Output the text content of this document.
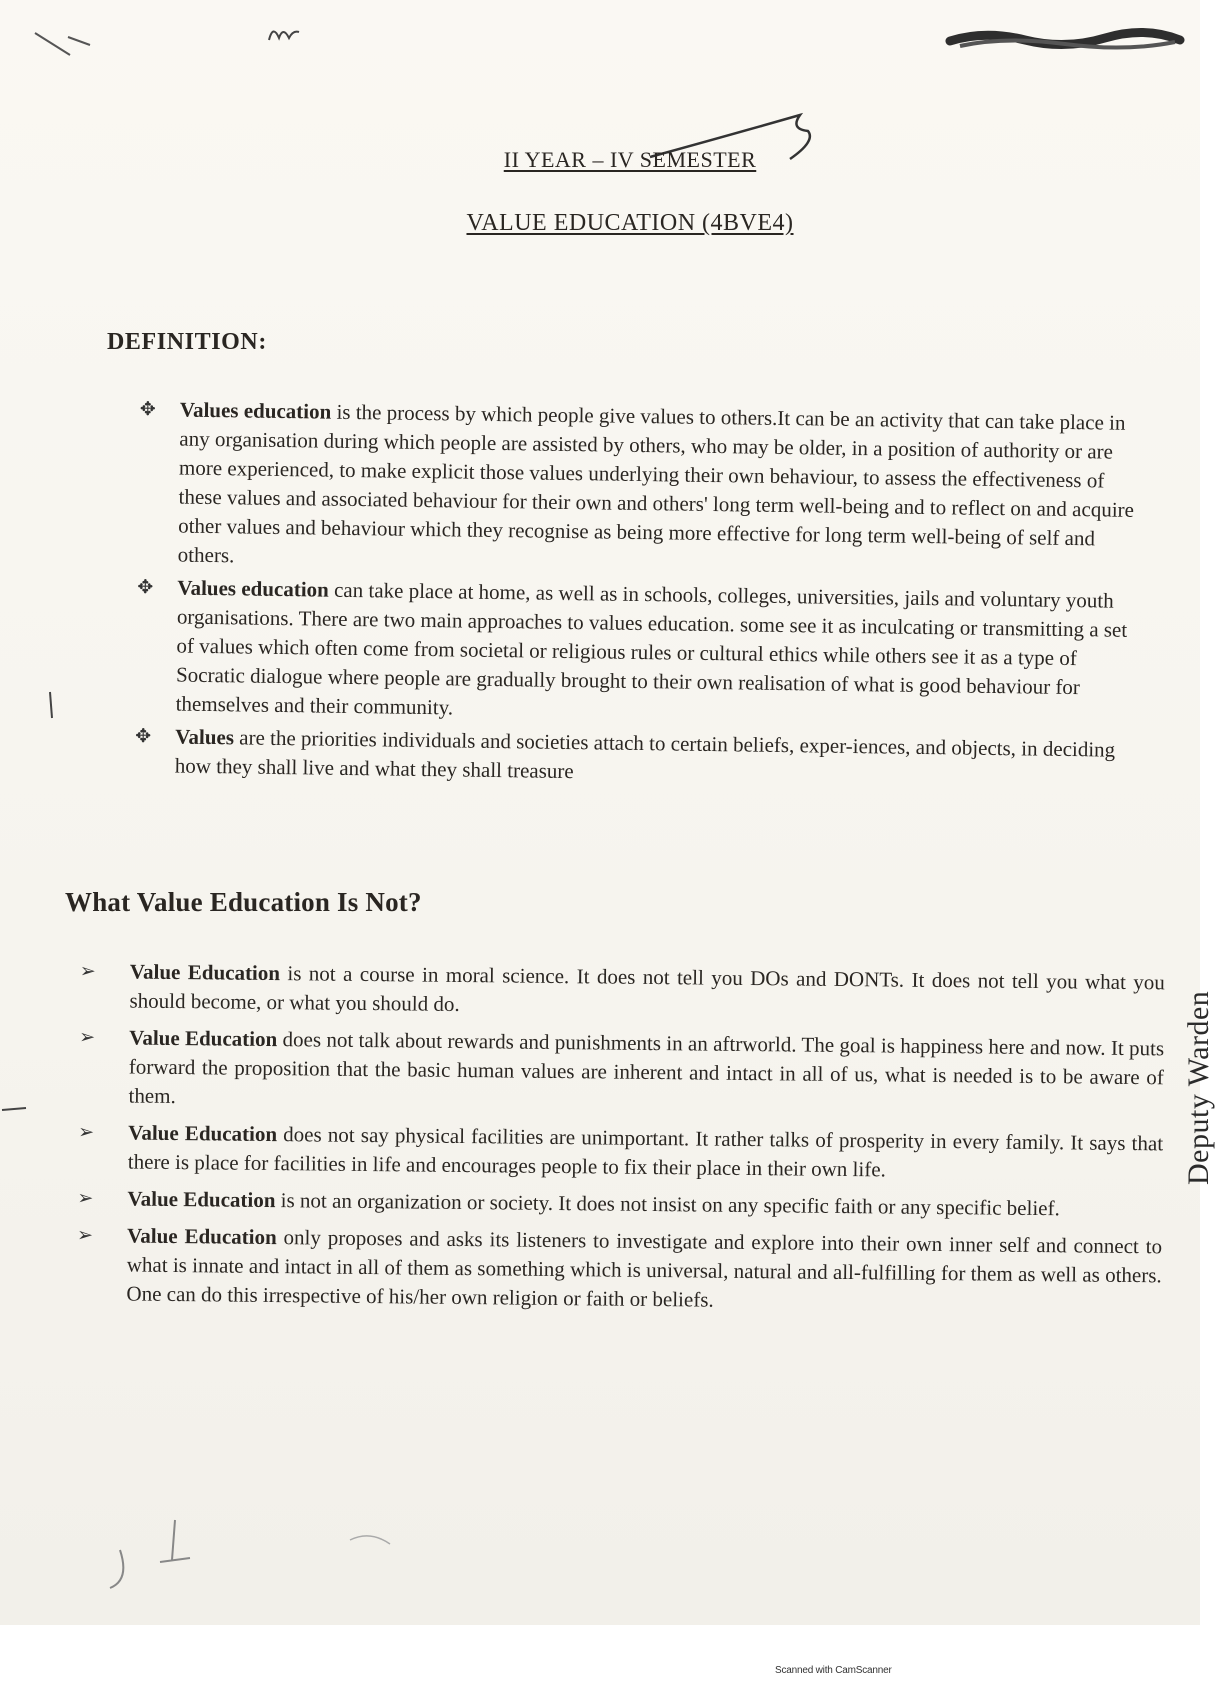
II YEAR – IV SEMESTER
VALUE EDUCATION (4BVE4)
DEFINITION:
✥ Values education is the process by which people give values to others.It can be an activity that can take place in any organisation during which people are assisted by others, who may be older, in a position of authority or are more experienced, to make explicit those values underlying their own behaviour, to assess the effectiveness of these values and associated behaviour for their own and others' long term well-being and to reflect on and acquire other values and behaviour which they recognise as being more effective for long term well-being of self and others.
✥ Values education can take place at home, as well as in schools, colleges, universities, jails and voluntary youth organisations. There are two main approaches to values education. some see it as inculcating or transmitting a set of values which often come from societal or religious rules or cultural ethics while others see it as a type of Socratic dialogue where people are gradually brought to their own realisation of what is good behaviour for themselves and their community.
✥ Values are the priorities individuals and societies attach to certain beliefs, exper-iences, and objects, in deciding how they shall live and what they shall treasure
What Value Education Is Not?
➢ Value Education is not a course in moral science. It does not tell you DOs and DONTs. It does not tell you what you should become, or what you should do.
➢ Value Education does not talk about rewards and punishments in an aftrworld. The goal is happiness here and now. It puts forward the proposition that the basic human values are inherent and intact in all of us, what is needed is to be aware of them.
➢ Value Education does not say physical facilities are unimportant. It rather talks of prosperity in every family. It says that there is place for facilities in life and encourages people to fix their place in their own life.
➢ Value Education is not an organization or society. It does not insist on any specific faith or any specific belief.
➢ Value Education only proposes and asks its listeners to investigate and explore into their own inner self and connect to what is innate and intact in all of them as something which is universal, natural and all-fulfilling for them as well as others. One can do this irrespective of his/her own religion or faith or beliefs.
Deputy Warden
Scanned with CamScanner
